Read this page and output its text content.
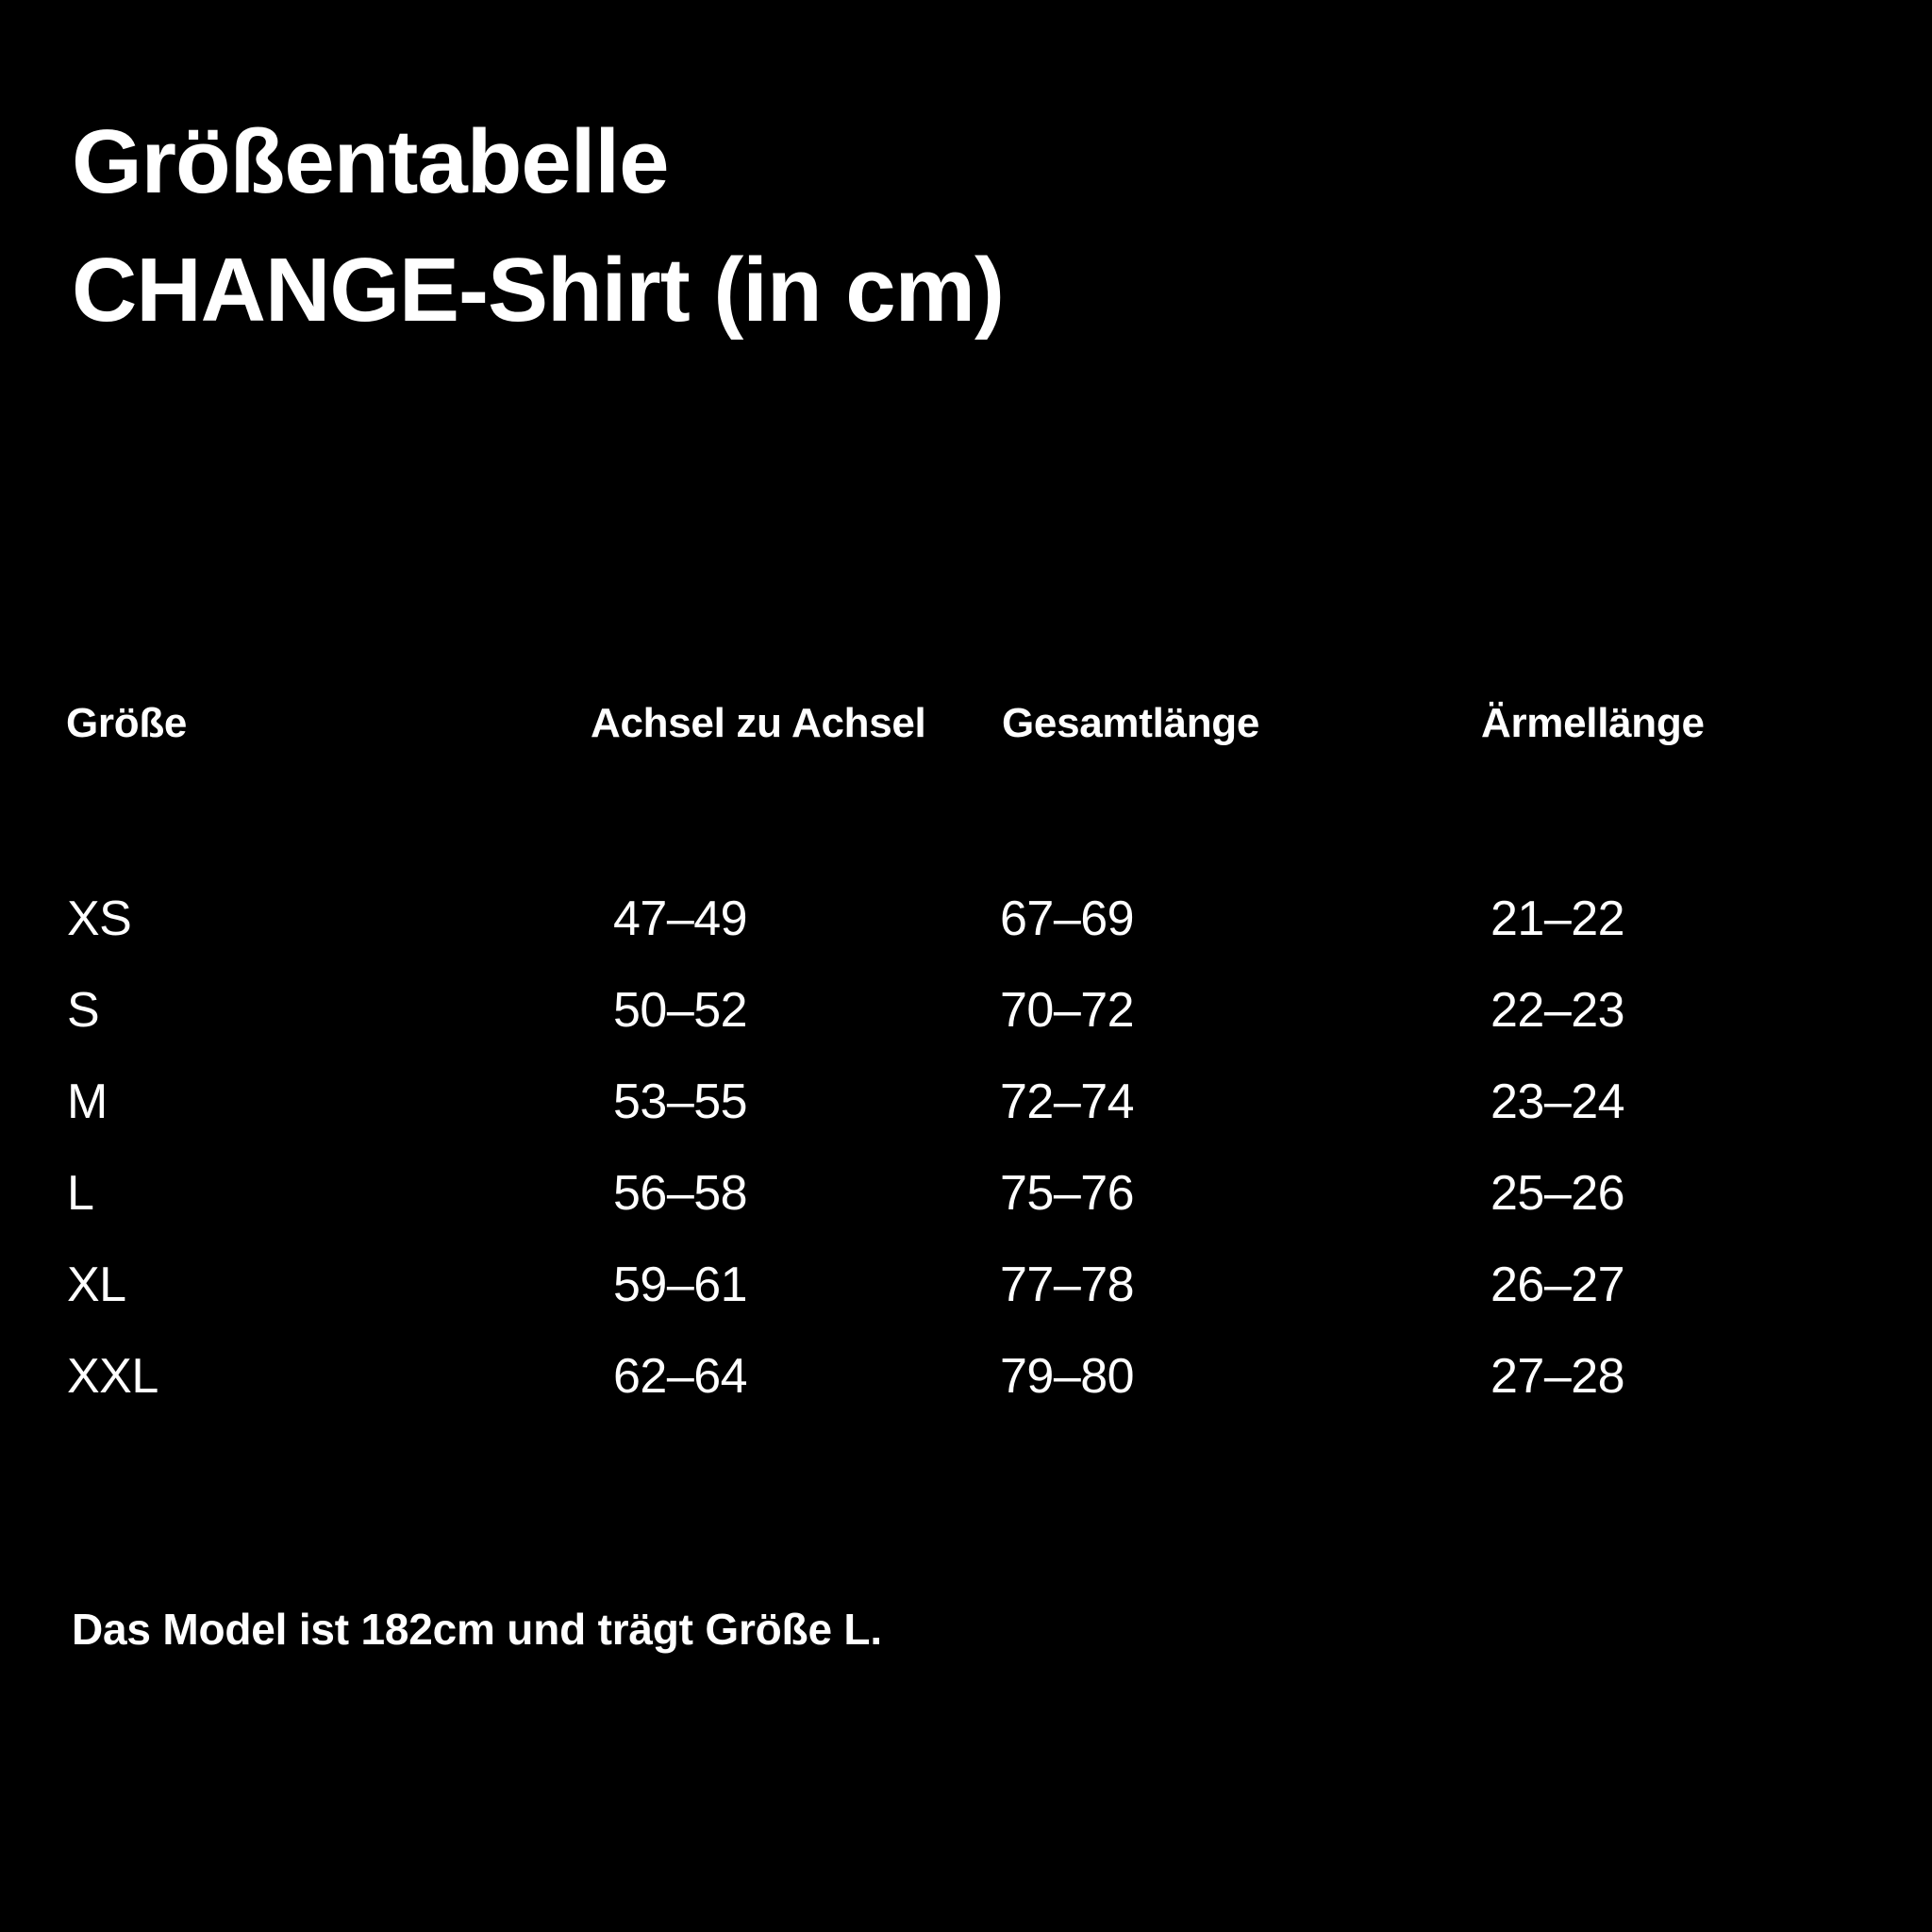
Größentabelle
CHANGE-Shirt (in cm)
Größe	Achsel zu Achsel	Gesamtlänge	Ärmellänge
XS	47–49	67–69	21–22
S	50–52	70–72	22–23
M	53–55	72–74	23–24
L	56–58	75–76	25–26
XL	59–61	77–78	26–27
XXL	62–64	79–80	27–28
Das Model ist 182cm und trägt Größe L.
